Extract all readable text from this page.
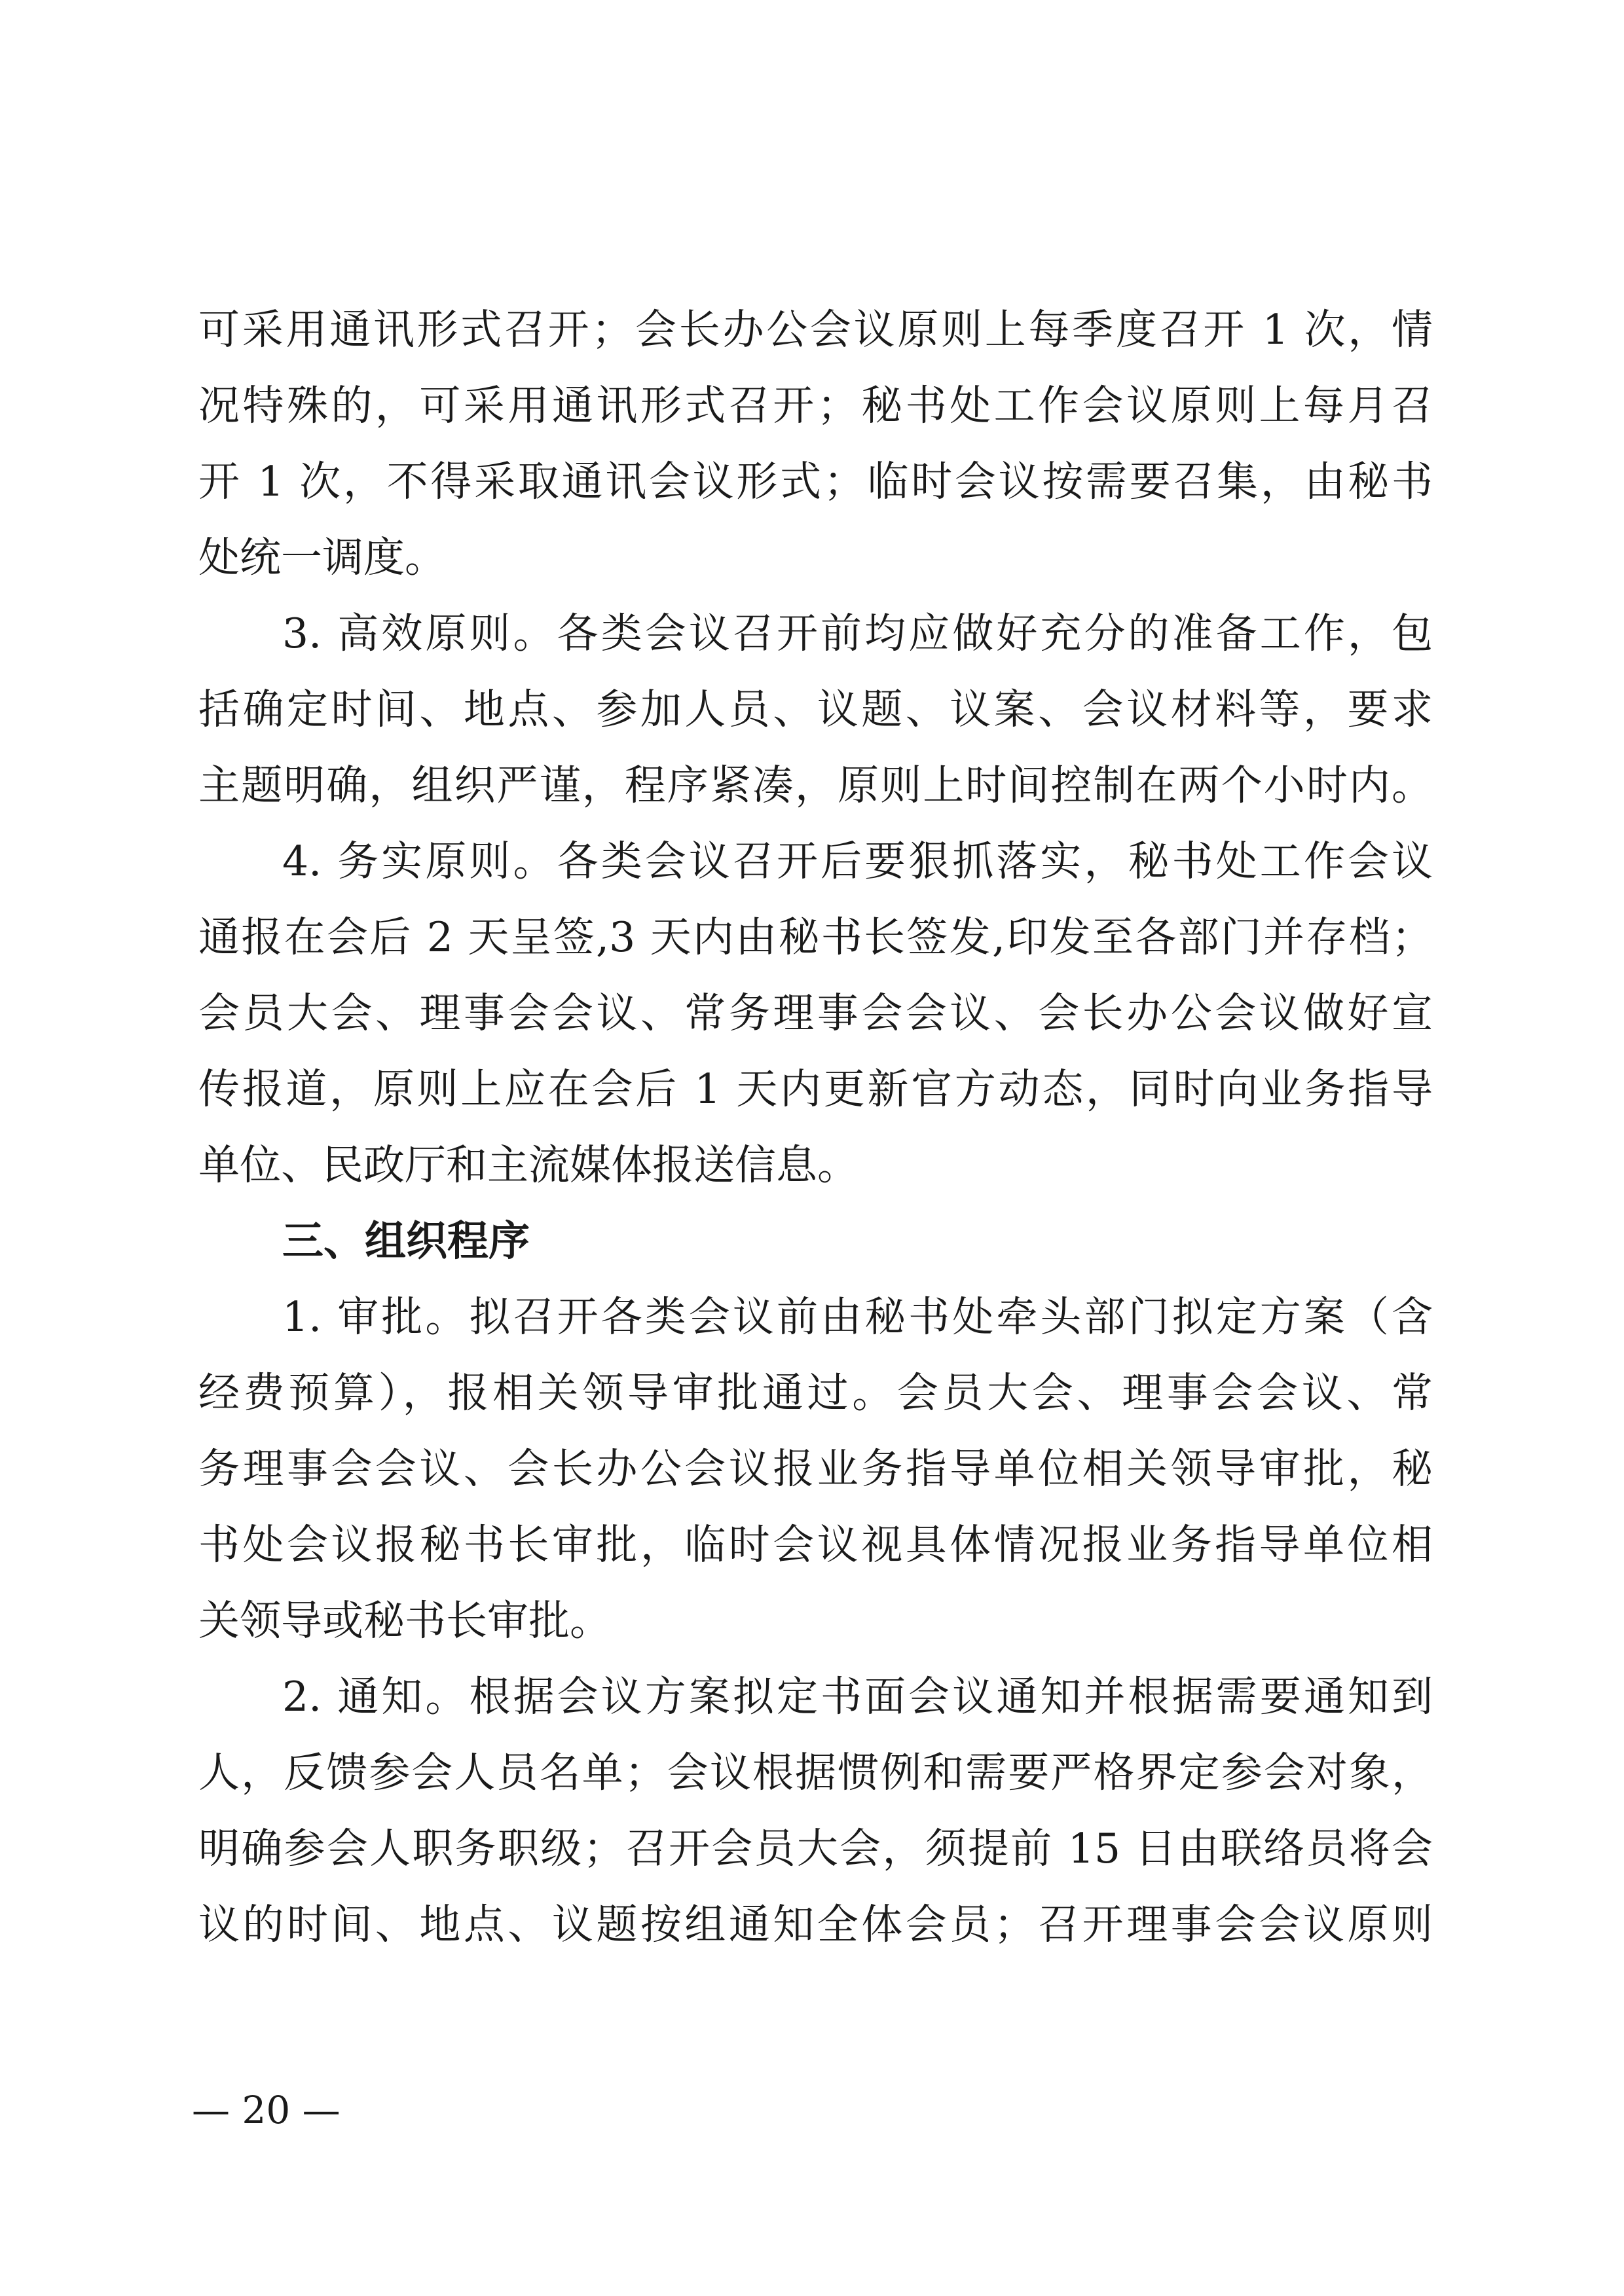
可采用通讯形式召开；会长办公会议原则上每季度召开 1 次，情
况特殊的，可采用通讯形式召开；秘书处工作会议原则上每月召
开 1 次，不得采取通讯会议形式；临时会议按需要召集，由秘书
处统一调度。
3. 高效原则。各类会议召开前均应做好充分的准备工作，包
括确定时间、地点、参加人员、议题、议案、会议材料等，要求
主题明确，组织严谨，程序紧凑，原则上时间控制在两个小时内。
4. 务实原则。各类会议召开后要狠抓落实，秘书处工作会议
通报在会后 2 天呈签,3 天内由秘书长签发,印发至各部门并存档；
会员大会、理事会会议、常务理事会会议、会长办公会议做好宣
传报道，原则上应在会后 1 天内更新官方动态，同时向业务指导
单位、民政厅和主流媒体报送信息。
三、组织程序
1. 审批。拟召开各类会议前由秘书处牵头部门拟定方案（含
经费预算），报相关领导审批通过。会员大会、理事会会议、常
务理事会会议、会长办公会议报业务指导单位相关领导审批，秘
书处会议报秘书长审批，临时会议视具体情况报业务指导单位相
关领导或秘书长审批。
2. 通知。根据会议方案拟定书面会议通知并根据需要通知到
人，反馈参会人员名单；会议根据惯例和需要严格界定参会对象，
明确参会人职务职级；召开会员大会，须提前 15 日由联络员将会
议的时间、地点、议题按组通知全体会员；召开理事会会议原则
— 20 —
